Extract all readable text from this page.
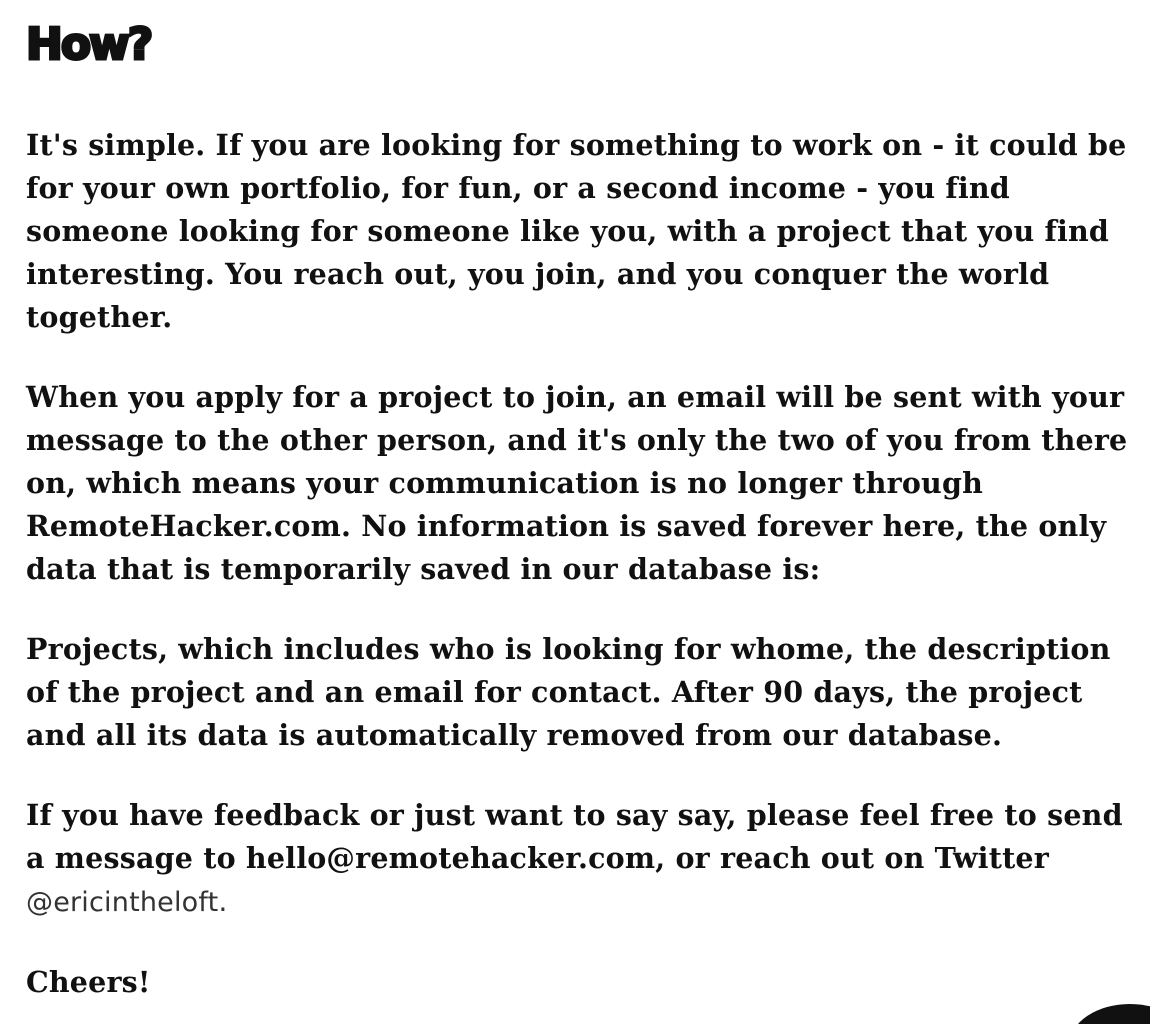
How?

It's simple. If you are looking for something to work on - it could be for your own portfolio, for fun, or a second income - you find someone looking for someone like you, with a project that you find interesting. You reach out, you join, and you conquer the world together.

When you apply for a project to join, an email will be sent with your message to the other person, and it's only the two of you from there on, which means your communication is no longer through RemoteHacker.com. No information is saved forever here, the only data that is temporarily saved in our database is:

Projects, which includes who is looking for whome, the description of the project and an email for contact. After 90 days, the project and all its data is automatically removed from our database.

If you have feedback or just want to say say, please feel free to send a message to hello@remotehacker.com, or reach out on Twitter @ericintheloft.

Cheers!
